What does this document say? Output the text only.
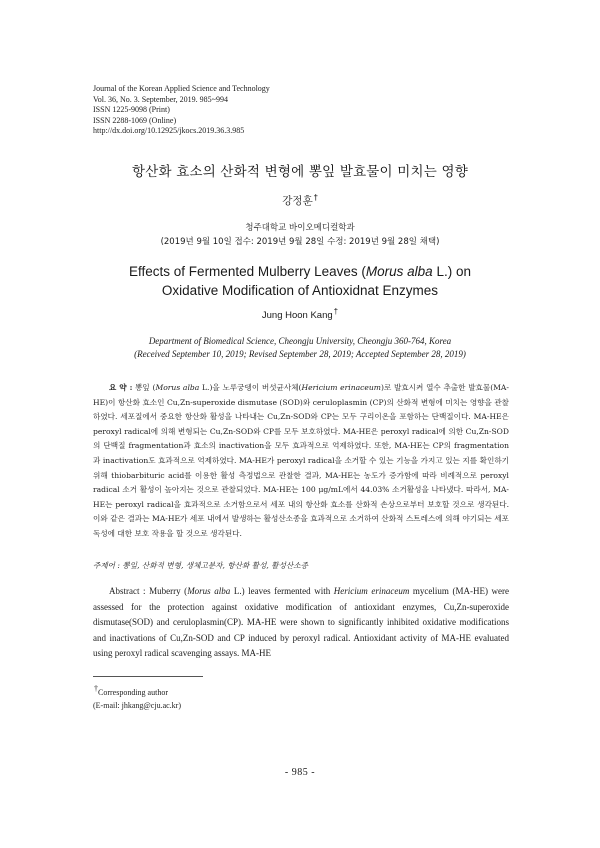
Journal of the Korean Applied Science and Technology
Vol. 36, No. 3. September, 2019. 985~994
ISSN 1225-9098 (Print)
ISSN 2288-1069 (Online)
http://dx.doi.org/10.12925/jkocs.2019.36.3.985
항산화 효소의 산화적 변형에 뽕잎 발효물이 미치는 영향
강정훈†
청주대학교 바이오메디컬학과
(2019년 9월 10일 접수: 2019년 9월 28일 수정: 2019년 9월 28일 채택)
Effects of Fermented Mulberry Leaves (Morus alba L.) on
Oxidative Modification of Antioxidnat Enzymes
Jung Hoon Kang†
Department of Biomedical Science, Cheongju University, Cheongju 360-764, Korea
(Received September 10, 2019; Revised September 28, 2019; Accepted September 28, 2019)
요 약 : 뽕잎 (Morus alba L.)을 노루궁뎅이 버섯균사체(Hericium erinaceum)로 발효시켜 열수 추출한 발효물(MA-HE)이 항산화 효소인 Cu,Zn-superoxide dismutase (SOD)와 ceruloplasmin (CP)의 산화적 변형에 미치는 영향을 관찰하였다. 세포질에서 중요한 항산화 활성을 나타내는 Cu,Zn-SOD와 CP는 모두 구리이온을 포함하는 단백질이다. MA-HE은 peroxyl radical에 의해 변형되는 Cu,Zn-SOD와 CP를 모두 보호하였다. MA-HE은 peroxyl radical에 의한 Cu,Zn-SOD의 단백질 fragmentation과 효소의 inactivation을 모두 효과적으로 억제하였다. 또한, MA-HE는 CP의 fragmentation과 inactivation도 효과적으로 억제하였다. MA-HE가 peroxyl radical을 소거할 수 있는 기능을 가지고 있는 지를 확인하기 위해 thiobarbituric acid를 이용한 활성 측정법으로 관찰한 결과, MA-HE는 농도가 증가함에 따라 비례적으로 peroxyl radical 소거 활성이 높아지는 것으로 관찰되었다. MA-HE는 100 μg/mL에서 44.03% 소거활성을 나타냈다. 따라서, MA-HE는 peroxyl radical을 효과적으로 소거함으로서 세포 내의 항산화 효소를 산화적 손상으로부터 보호할 것으로 생각된다. 이와 같은 결과는 MA-HE가 세포 내에서 발생하는 활성산소종을 효과적으로 소거하여 산화적 스트레스에 의해 야기되는 세포 독성에 대한 보호 작용을 할 것으로 생각된다.
주제어 : 뽕잎, 산화적 변형, 생체고분자, 항산화 활성, 활성산소종
Abstract : Muberry (Morus alba L.) leaves fermented with Hericium erinaceum mycelium (MA-HE) were assessed for the protection against oxidative modification of antioxidant enzymes, Cu,Zn-superoxide dismutase(SOD) and ceruloplasmin(CP). MA-HE were shown to significantly inhibited oxidative modifications and inactivations of Cu,Zn-SOD and CP induced by peroxyl radical. Antioxidant activity of MA-HE evaluated using peroxyl radical scavenging assays. MA-HE
†Corresponding author
(E-mail: jhkang@cju.ac.kr)
- 985 -
